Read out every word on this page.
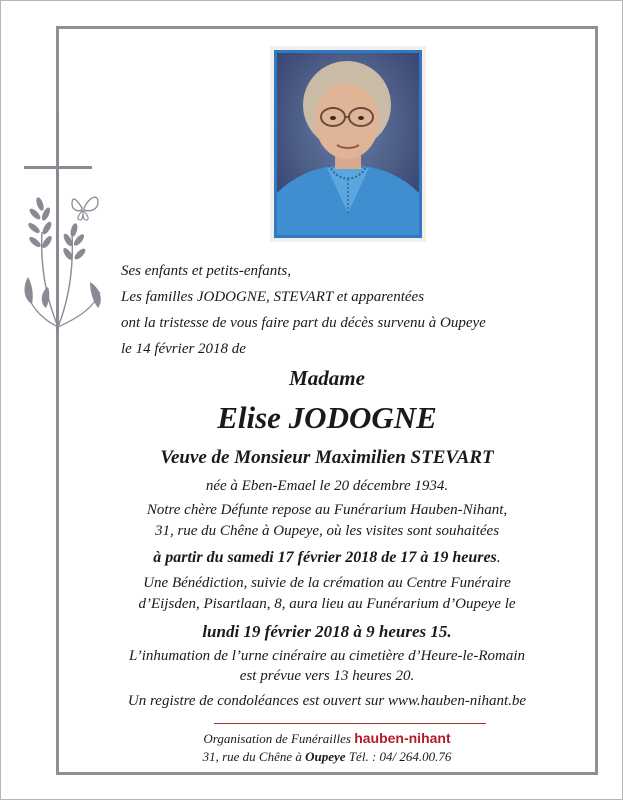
Ses enfants et petits-enfants,
Les familles JODOGNE, STEVART et apparentées
ont la tristesse de vous faire part du décès survenu à Oupeye
le 14 février 2018 de
Madame
Elise JODOGNE
Veuve de Monsieur Maximilien STEVART
née à Eben-Emael le 20 décembre 1934.
Notre chère Défunte repose au Funérarium Hauben-Nihant,
31, rue du Chêne à Oupeye, où les visites sont souhaitées
à partir du samedi 17 février 2018 de 17 à 19 heures.
Une Bénédiction, suivie de la crémation au Centre Funéraire
d’Eijsden, Pisartlaan, 8, aura lieu au Funérarium d’Oupeye le
lundi 19 février 2018 à 9 heures 15.
L’inhumation de l’urne cinéraire au cimetière d’Heure-le-Romain
est prévue vers 13 heures 20.
Un registre de condoléances est ouvert sur www.hauben-nihant.be
Organisation de Funérailles hauben-nihant
31, rue du Chêne à Oupeye Tél. : 04/ 264.00.76
